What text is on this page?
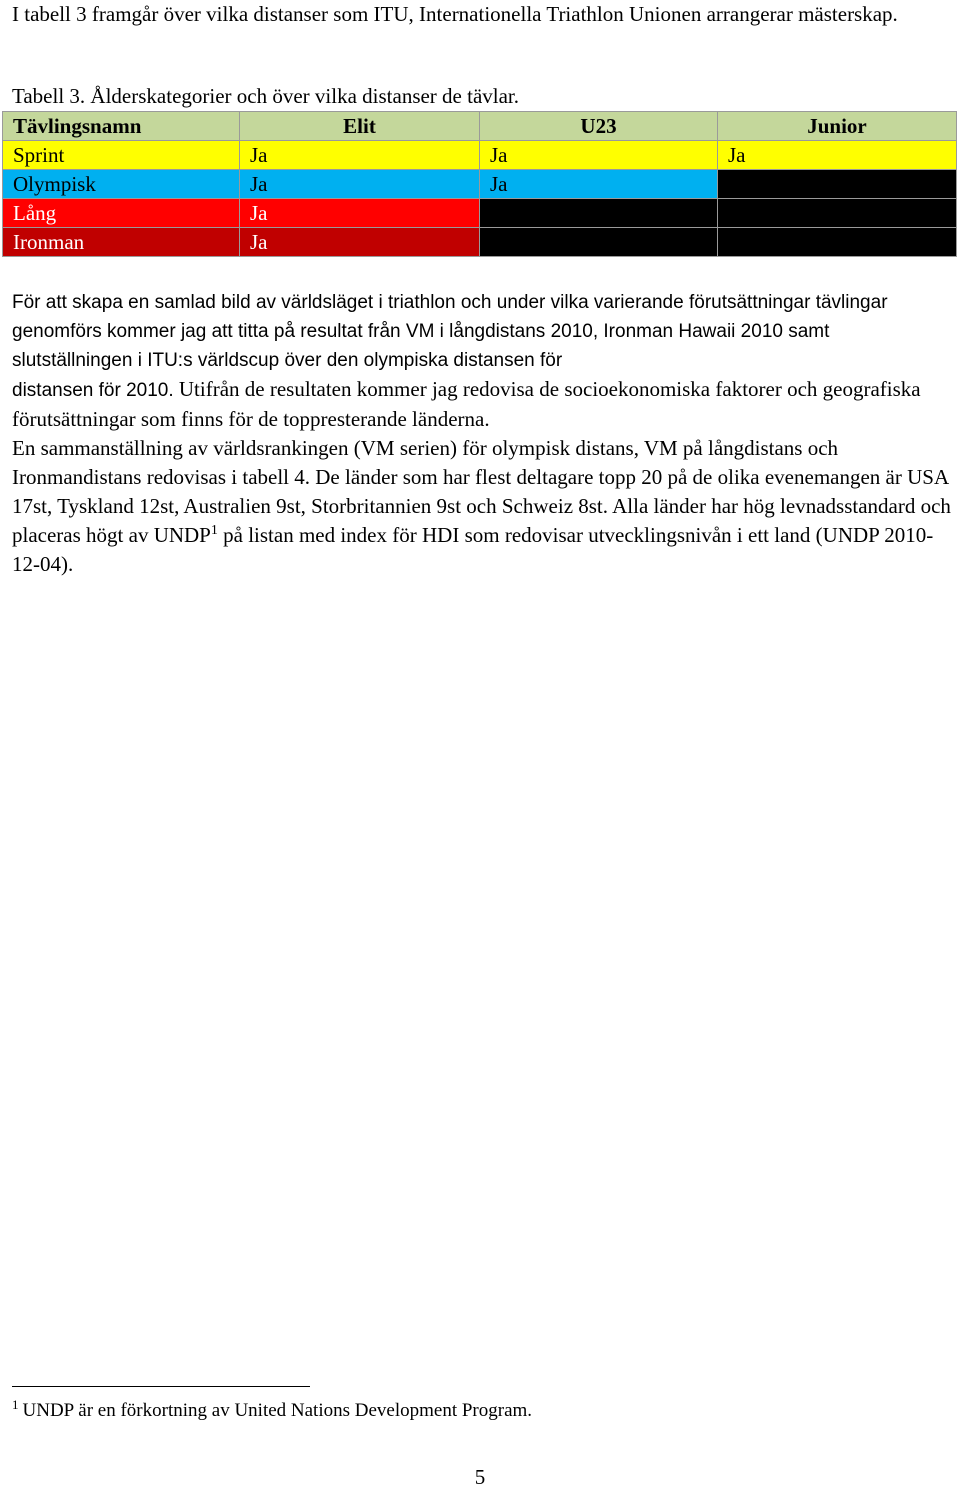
I tabell 3 framgår över vilka distanser som ITU, Internationella Triathlon Unionen arrangerar mästerskap.

Tabell 3. Ålderskategorier och över vilka distanser de tävlar.

Tävlingsnamn	Elit	U23	Junior
Sprint	Ja	Ja	Ja
Olympisk	Ja	Ja	
Lång	Ja		
Ironman	Ja		

För att skapa en samlad bild av världsläget i triathlon och under vilka varierande förutsättningar tävlingar genomförs kommer jag att titta på resultat från VM i långdistans 2010, Ironman Hawaii 2010 samt slutställningen i ITU:s världscup över den olympiska distansen för

distansen för 2010. Utifrån de resultaten kommer jag redovisa de socioekonomiska faktorer och geografiska förutsättningar som finns för de toppresterande länderna.
En sammanställning av världsrankingen (VM serien) för olympisk distans, VM på långdistans och Ironmandistans redovisas i tabell 4. De länder som har flest deltagare topp 20 på de olika evenemangen är USA 17st, Tyskland 12st, Australien 9st, Storbritannien 9st och Schweiz 8st. Alla länder har hög levnadsstandard och placeras högt av UNDP$^1$ på listan med index för HDI som redovisar utvecklingsnivån i ett land (UNDP 2010-12-04).

$^1$ UNDP är en förkortning av United Nations Development Program.

5
